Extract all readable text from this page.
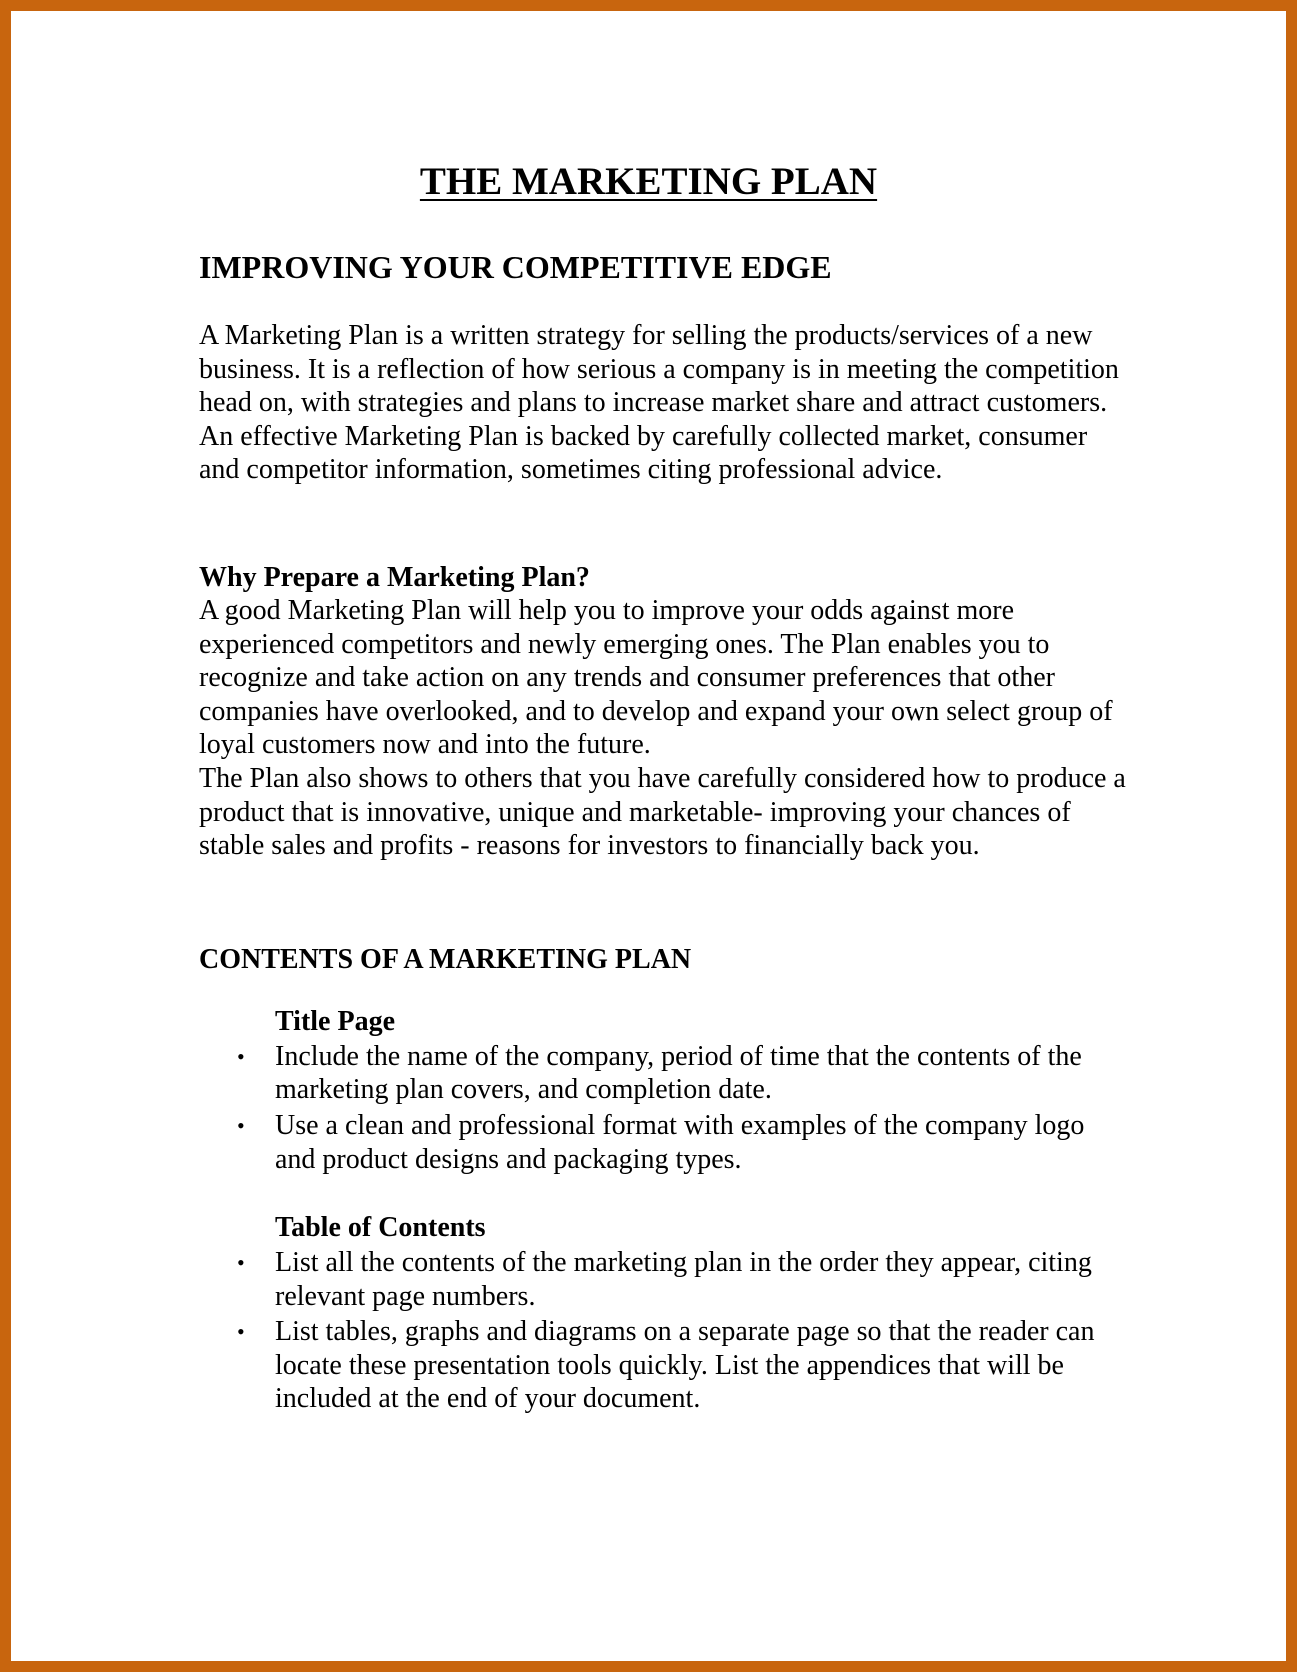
THE MARKETING PLAN
IMPROVING YOUR COMPETITIVE EDGE

A Marketing Plan is a written strategy for selling the products/services of a new business. It is a reflection of how serious a company is in meeting the competition head on, with strategies and plans to increase market share and attract customers. An effective Marketing Plan is backed by carefully collected market, consumer and competitor information, sometimes citing professional advice.

Why Prepare a Marketing Plan?

A good Marketing Plan will help you to improve your odds against more experienced competitors and newly emerging ones. The Plan enables you to recognize and take action on any trends and consumer preferences that other companies have overlooked, and to develop and expand your own select group of loyal customers now and into the future.

The Plan also shows to others that you have carefully considered how to produce a product that is innovative, unique and marketable- improving your chances of stable sales and profits - reasons for investors to financially back you.

CONTENTS OF A MARKETING PLAN
Title Page
• Include the name of the company, period of time that the contents of the marketing plan covers, and completion date.
• Use a clean and professional format with examples of the company logo and product designs and packaging types.
Table of Contents
• List all the contents of the marketing plan in the order they appear, citing relevant page numbers.
• List tables, graphs and diagrams on a separate page so that the reader can locate these presentation tools quickly. List the appendices that will be included at the end of your document.
